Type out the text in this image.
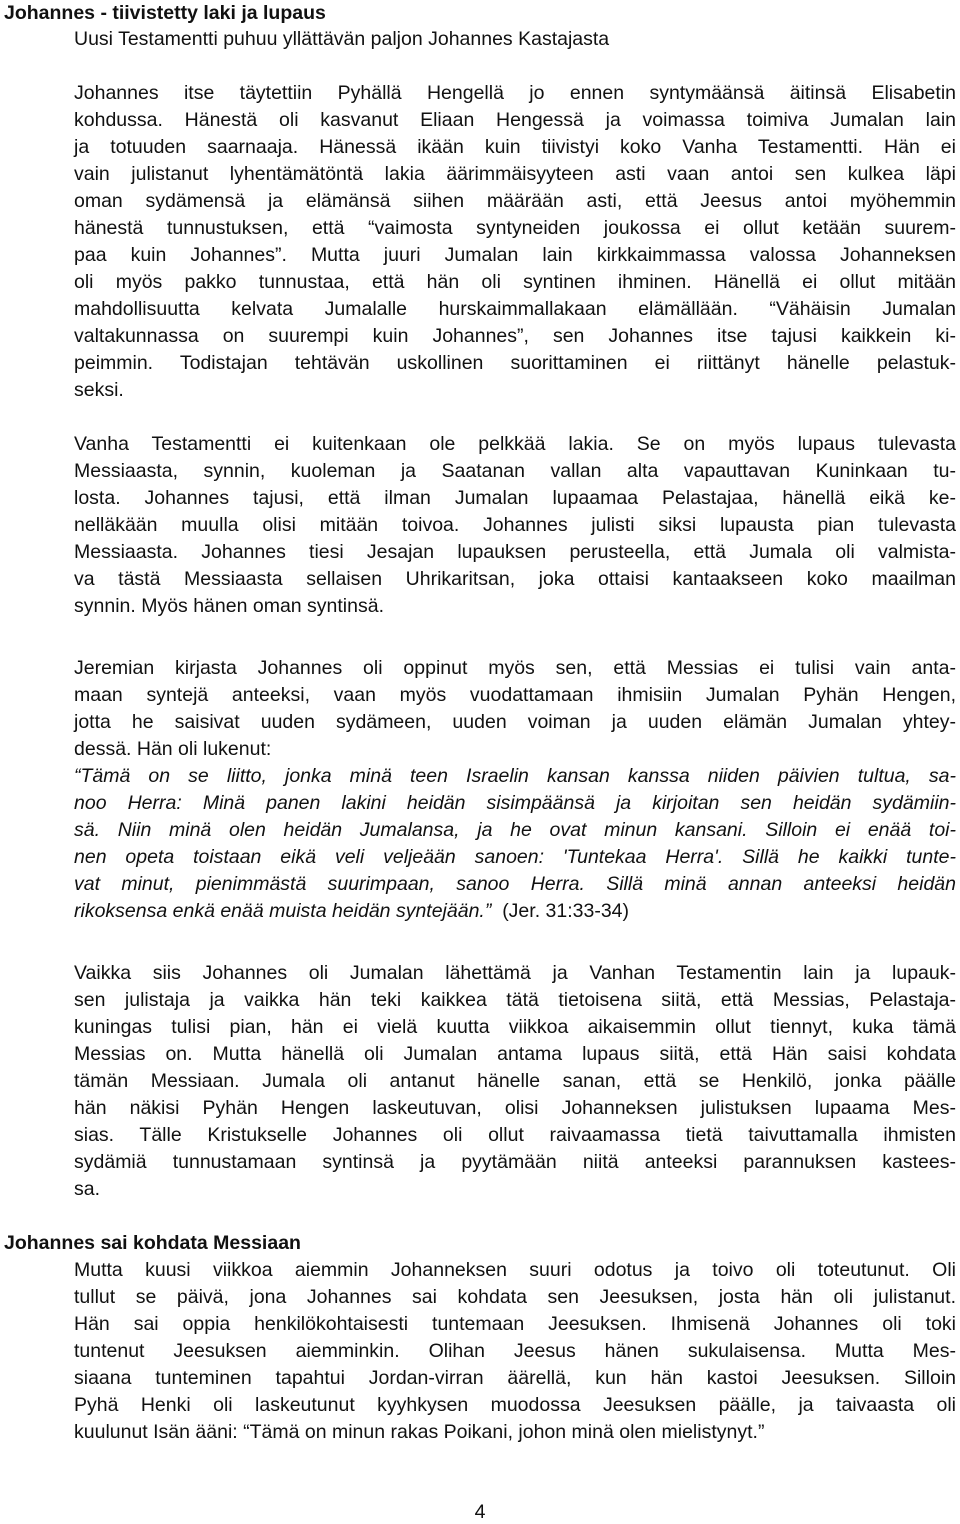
Johannes - tiivistetty laki ja lupaus
Uusi Testamentti puhuu yllättävän paljon Johannes Kastajasta
Johannes itse täytettiin Pyhällä Hengellä jo ennen syntymäänsä äitinsä Elisabetin
kohdussa. Hänestä oli kasvanut Eliaan Hengessä ja voimassa toimiva Jumalan lain
ja totuuden saarnaaja. Hänessä ikään kuin tiivistyi koko Vanha Testamentti. Hän ei
vain julistanut lyhentämätöntä lakia äärimmäisyyteen asti vaan antoi sen kulkea läpi
oman sydämensä ja elämänsä siihen määrään asti, että Jeesus antoi myöhemmin
hänestä tunnustuksen, että “vaimosta syntyneiden joukossa ei ollut ketään suurem-
paa kuin Johannes”. Mutta juuri Jumalan lain kirkkaimmassa valossa Johanneksen
oli myös pakko tunnustaa, että hän oli syntinen ihminen. Hänellä ei ollut mitään
mahdollisuutta kelvata Jumalalle hurskaimmallakaan elämällään. “Vähäisin Jumalan
valtakunnassa on suurempi kuin Johannes”, sen Johannes itse tajusi kaikkein ki-
peimmin. Todistajan tehtävän uskollinen suorittaminen ei riittänyt hänelle pelastuk-
seksi.
Vanha Testamentti ei kuitenkaan ole pelkkää lakia. Se on myös lupaus tulevasta
Messiaasta, synnin, kuoleman ja Saatanan vallan alta vapauttavan Kuninkaan tu-
losta. Johannes tajusi, että ilman Jumalan lupaamaa Pelastajaa, hänellä eikä ke-
nelläkään muulla olisi mitään toivoa. Johannes julisti siksi lupausta pian tulevasta
Messiaasta. Johannes tiesi Jesajan lupauksen perusteella, että Jumala oli valmista-
va tästä Messiaasta sellaisen Uhrikaritsan, joka ottaisi kantaakseen koko maailman
synnin. Myös hänen oman syntinsä.
Jeremian kirjasta Johannes oli oppinut myös sen, että Messias ei tulisi vain anta-
maan syntejä anteeksi, vaan myös vuodattamaan ihmisiin Jumalan Pyhän Hengen,
jotta he saisivat uuden sydämeen, uuden voiman ja uuden elämän Jumalan yhtey-
dessä. Hän oli lukenut:
“Tämä on se liitto, jonka minä teen Israelin kansan kanssa niiden päivien tultua, sa-
noo Herra: Minä panen lakini heidän sisimpäänsä ja kirjoitan sen heidän sydämiin-
sä. Niin minä olen heidän Jumalansa, ja he ovat minun kansani. Silloin ei enää toi-
nen opeta toistaan eikä veli veljeään sanoen: 'Tuntekaa Herra'. Sillä he kaikki tunte-
vat minut, pienimmästä suurimpaan, sanoo Herra. Sillä minä annan anteeksi heidän
rikoksensa enkä enää muista heidän syntejään.” (Jer. 31:33-34)
Vaikka siis Johannes oli Jumalan lähettämä ja Vanhan Testamentin lain ja lupauk-
sen julistaja ja vaikka hän teki kaikkea tätä tietoisena siitä, että Messias, Pelastaja-
kuningas tulisi pian, hän ei vielä kuutta viikkoa aikaisemmin ollut tiennyt, kuka tämä
Messias on. Mutta hänellä oli Jumalan antama lupaus siitä, että Hän saisi kohdata
tämän Messiaan. Jumala oli antanut hänelle sanan, että se Henkilö, jonka päälle
hän näkisi Pyhän Hengen laskeutuvan, olisi Johanneksen julistuksen lupaama Mes-
sias. Tälle Kristukselle Johannes oli ollut raivaamassa tietä taivuttamalla ihmisten
sydämiä tunnustamaan syntinsä ja pyytämään niitä anteeksi parannuksen kastees-
sa.
Johannes sai kohdata Messiaan
Mutta kuusi viikkoa aiemmin Johanneksen suuri odotus ja toivo oli toteutunut. Oli
tullut se päivä, jona Johannes sai kohdata sen Jeesuksen, josta hän oli julistanut.
Hän sai oppia henkilökohtaisesti tuntemaan Jeesuksen. Ihmisenä Johannes oli toki
tuntenut Jeesuksen aiemminkin. Olihan Jeesus hänen sukulaisensa. Mutta Mes-
siaana tunteminen tapahtui Jordan-virran äärellä, kun hän kastoi Jeesuksen. Silloin
Pyhä Henki oli laskeutunut kyyhkysen muodossa Jeesuksen päälle, ja taivaasta oli
kuulunut Isän ääni: “Tämä on minun rakas Poikani, johon minä olen mielistynyt.”
4
